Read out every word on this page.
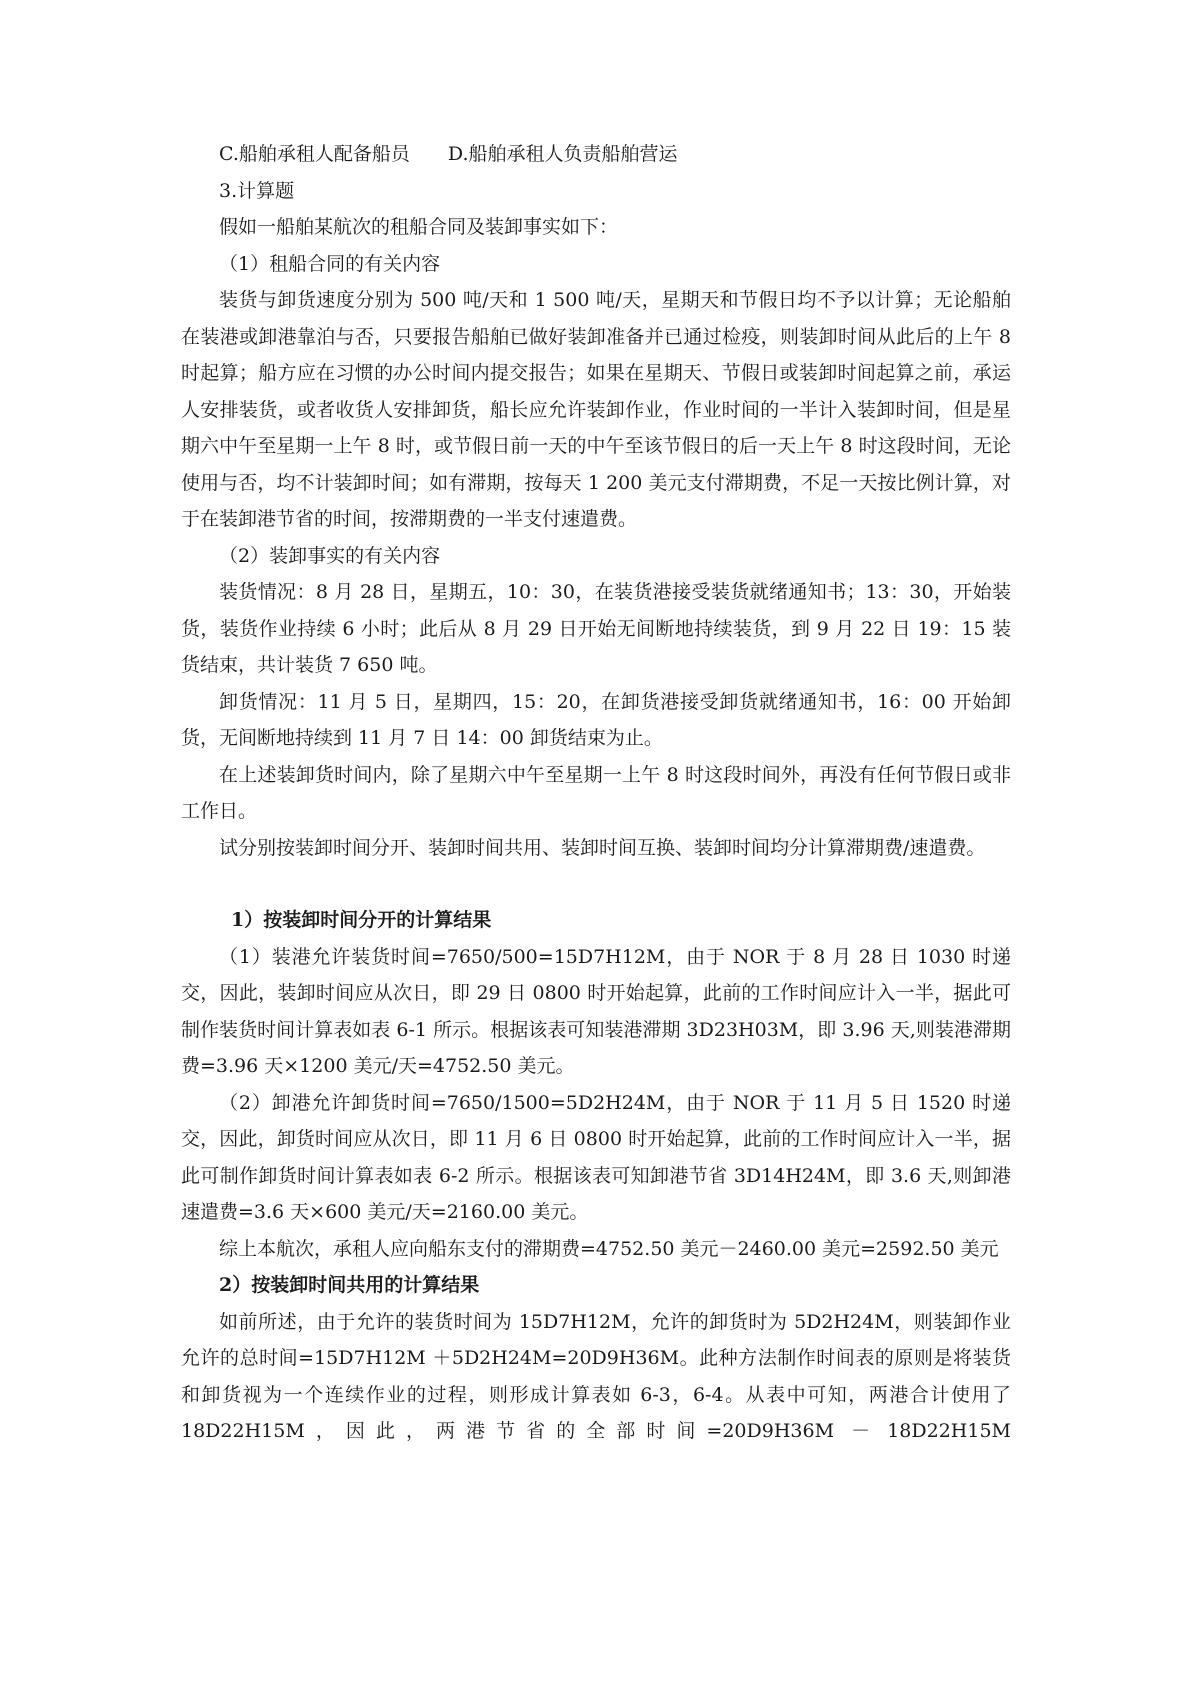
C.船舶承租人配备船员 D.船舶承租人负责船舶营运

3.计算题

假如一船舶某航次的租船合同及装卸事实如下：

（1）租船合同的有关内容

装货与卸货速度分别为 500 吨/天和 1 500 吨/天，星期天和节假日均不予以计算；无论船舶在装港或卸港靠泊与否，只要报告船舶已做好装卸准备并已通过检疫，则装卸时间从此后的上午 8 时起算；船方应在习惯的办公时间内提交报告；如果在星期天、节假日或装卸时间起算之前，承运人安排装货，或者收货人安排卸货，船长应允许装卸作业，作业时间的一半计入装卸时间，但是星期六中午至星期一上午 8 时，或节假日前一天的中午至该节假日的后一天上午 8 时这段时间，无论使用与否，均不计装卸时间；如有滞期，按每天 1 200 美元支付滞期费，不足一天按比例计算，对于在装卸港节省的时间，按滞期费的一半支付速遣费。

（2）装卸事实的有关内容

装货情况：8 月 28 日，星期五，10：30，在装货港接受装货就绪通知书；13：30，开始装货，装货作业持续 6 小时；此后从 8 月 29 日开始无间断地持续装货，到 9 月 22 日 19：15 装货结束，共计装货 7 650 吨。

卸货情况：11 月 5 日，星期四，15：20，在卸货港接受卸货就绪通知书，16：00 开始卸货，无间断地持续到 11 月 7 日 14：00 卸货结束为止。

在上述装卸货时间内，除了星期六中午至星期一上午 8 时这段时间外，再没有任何节假日或非工作日。

试分别按装卸时间分开、装卸时间共用、装卸时间互换、装卸时间均分计算滞期费/速遣费。

1）按装卸时间分开的计算结果

（1）装港允许装货时间=7650/500=15D7H12M，由于 NOR 于 8 月 28 日 1030 时递交，因此，装卸时间应从次日，即 29 日 0800 时开始起算，此前的工作时间应计入一半，据此可制作装货时间计算表如表 6-1 所示。根据该表可知装港滞期 3D23H03M，即 3.96 天,则装港滞期费=3.96 天×1200 美元/天=4752.50 美元。

（2）卸港允许卸货时间=7650/1500=5D2H24M，由于 NOR 于 11 月 5 日 1520 时递交，因此，卸货时间应从次日，即 11 月 6 日 0800 时开始起算，此前的工作时间应计入一半，据此可制作卸货时间计算表如表 6-2 所示。根据该表可知卸港节省 3D14H24M，即 3.6 天,则卸港速遣费=3.6 天×600 美元/天=2160.00 美元。

综上本航次，承租人应向船东支付的滞期费=4752.50 美元－2460.00 美元=2592.50 美元

2）按装卸时间共用的计算结果

如前所述，由于允许的装货时间为 15D7H12M，允许的卸货时为 5D2H24M，则装卸作业允许的总时间=15D7H12M ＋5D2H24M=20D9H36M。此种方法制作时间表的原则是将装货和卸货视为一个连续作业的过程，则形成计算表如 6-3，6-4。从表中可知，两港合计使用了 18D22H15M，因此，两港节省的全部时间=20D9H36M － 18D22H15M
